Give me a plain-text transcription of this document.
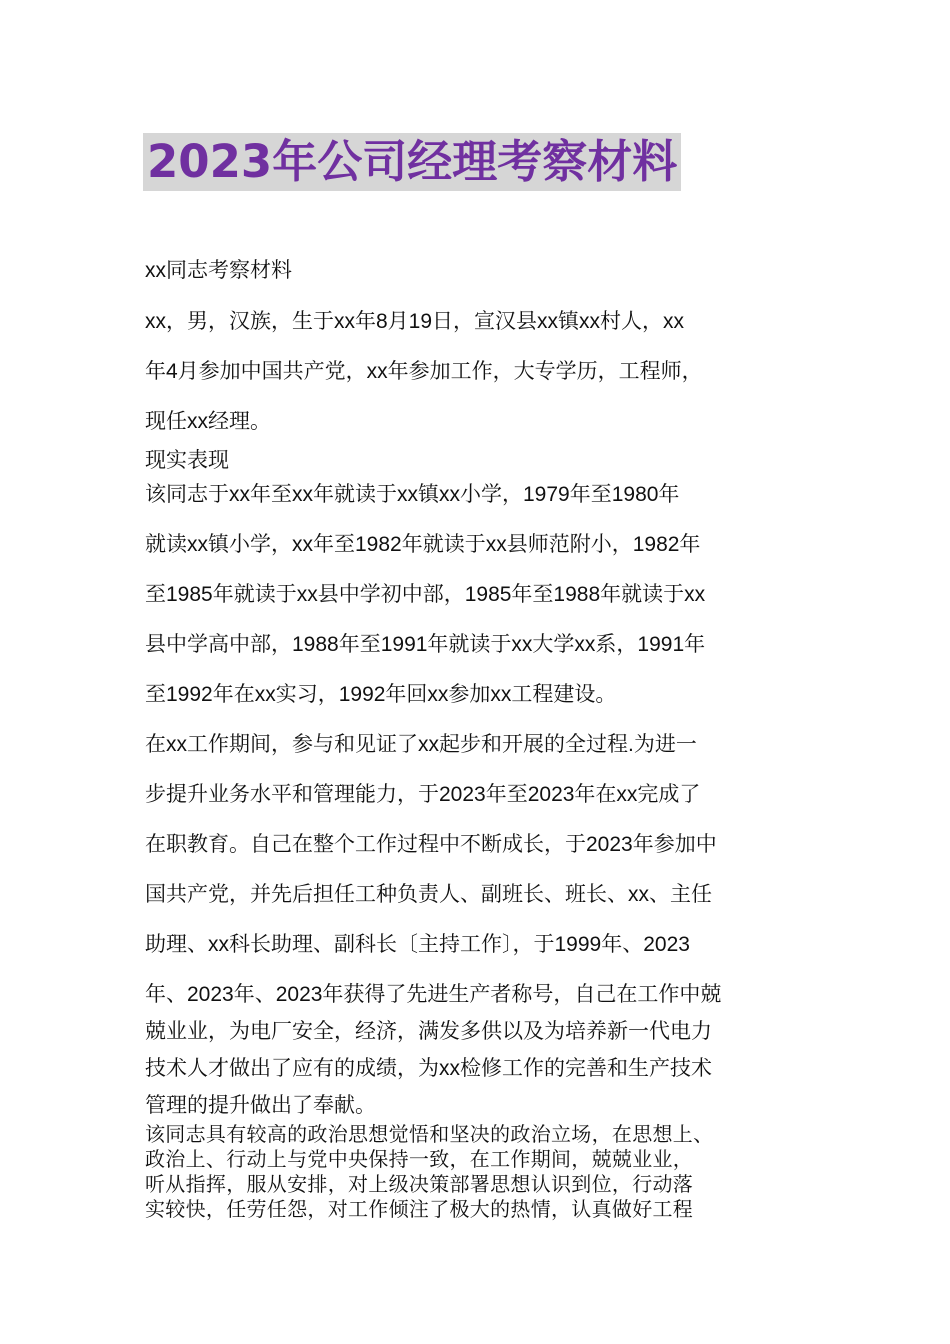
2023年公司经理考察材料
xx同志考察材料
xx，男，汉族，生于xx年8月19日，宣汉县xx镇xx村人，xx
年4月参加中国共产党，xx年参加工作，大专学历，工程师，
现任xx经理。
现实表现
该同志于xx年至xx年就读于xx镇xx小学，1979年至1980年
就读xx镇小学，xx年至1982年就读于xx县师范附小，1982年
至1985年就读于xx县中学初中部，1985年至1988年就读于xx
县中学高中部，1988年至1991年就读于xx大学xx系，1991年
至1992年在xx实习，1992年回xx参加xx工程建设。
在xx工作期间，参与和见证了xx起步和开展的全过程.为进一
步提升业务水平和管理能力，于2023年至2023年在xx完成了
在职教育。自己在整个工作过程中不断成长，于2023年参加中
国共产党，并先后担任工种负责人、副班长、班长、xx、主任
助理、xx科长助理、副科长〔主持工作〕，于1999年、2023
年、2023年、2023年获得了先进生产者称号，自己在工作中兢
兢业业，为电厂安全，经济，满发多供以及为培养新一代电力
技术人才做出了应有的成绩，为xx检修工作的完善和生产技术
管理的提升做出了奉献。
该同志具有较高的政治思想觉悟和坚决的政治立场，在思想上、
政治上、行动上与党中央保持一致，在工作期间，兢兢业业，
听从指挥，服从安排，对上级决策部署思想认识到位，行动落
实较快，任劳任怨，对工作倾注了极大的热情，认真做好工程
